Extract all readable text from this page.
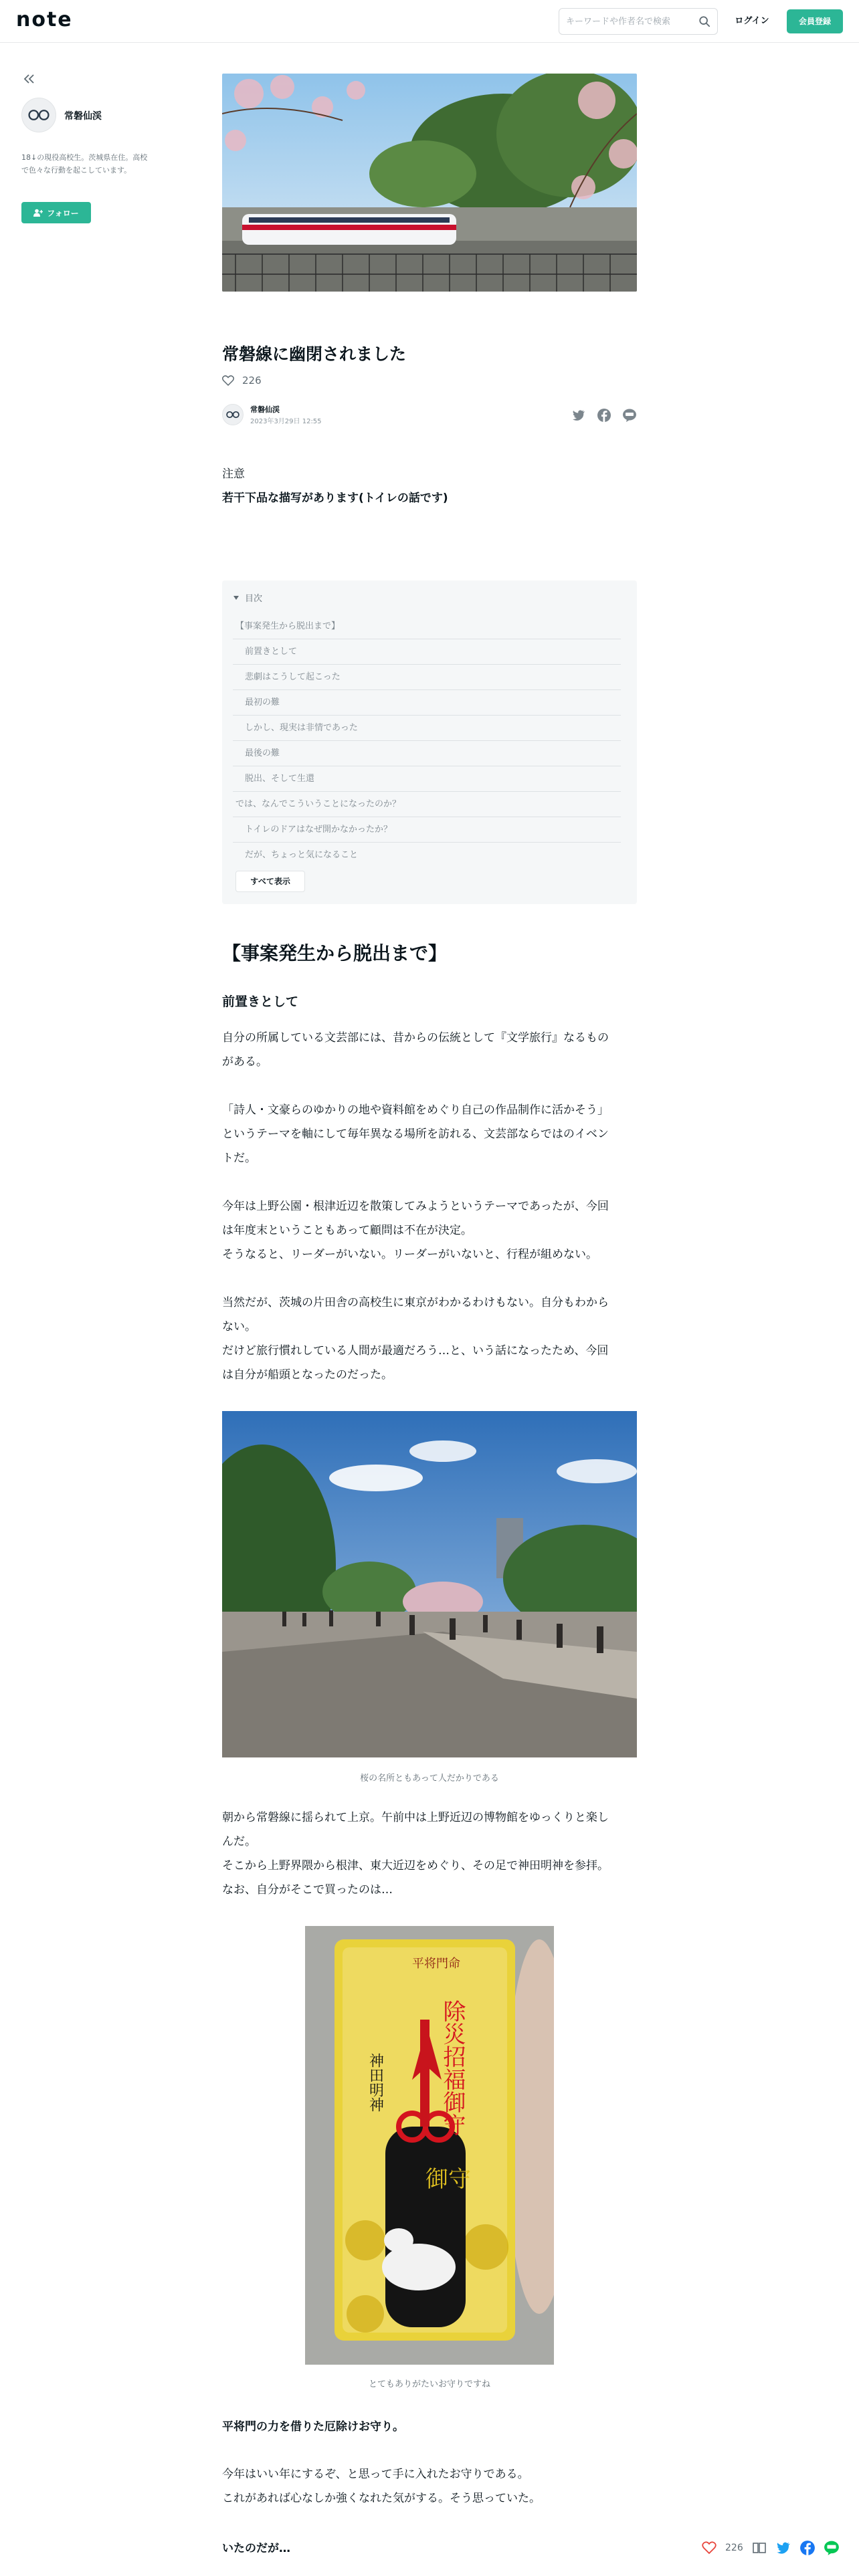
note
キーワードや作者名で検索	ログイン	会員登録
常磐仙渓
18↓の現役高校生。茨城県在住。高校で色々な行動を起こしています。
フォロー
常磐線に幽閉されました
226
常磐仙渓
2023年3月29日 12:55
注意
若干下品な描写があります(トイレの話です)
目次
【事案発生から脱出まで】
前置きとして
悲劇はこうして起こった
最初の難
しかし、現実は非情であった
最後の難
脱出、そして生還
では、なんでこういうことになったのか？
トイレのドアはなぜ開かなかったか？
だが、ちょっと気になること
すべて表示
【事案発生から脱出まで】
前置きとして
自分の所属している文芸部には、昔からの伝統として『文学旅行』なるもの
がある。
「詩人・文豪らのゆかりの地や資料館をめぐり自己の作品制作に活かそう」
というテーマを軸にして毎年異なる場所を訪れる、文芸部ならではのイベン
トだ。
今年は上野公園・根津近辺を散策してみようというテーマであったが、今回
は年度末ということもあって顧問は不在が決定。
そうなると、リーダーがいない。リーダーがいないと、行程が組めない。
当然だが、茨城の片田舎の高校生に東京がわかるわけもない。自分もわから
ない。
だけど旅行慣れしている人間が最適だろう…と、いう話になったため、今回
は自分が船頭となったのだった。
桜の名所ともあって人だかりである
朝から常磐線に揺られて上京。午前中は上野近辺の博物館をゆっくりと楽し
んだ。
そこから上野界隈から根津、東大近辺をめぐり、その足で神田明神を参拝。
なお、自分がそこで買ったのは…
平将門命
除災招福御守
神田明神
御守
とてもありがたいお守りですね
平将門の力を借りた厄除けお守り。
今年はいい年にするぞ、と思って手に入れたお守りである。
これがあれば心なしか強くなれた気がする。そう思っていた。
いたのだが…	226
